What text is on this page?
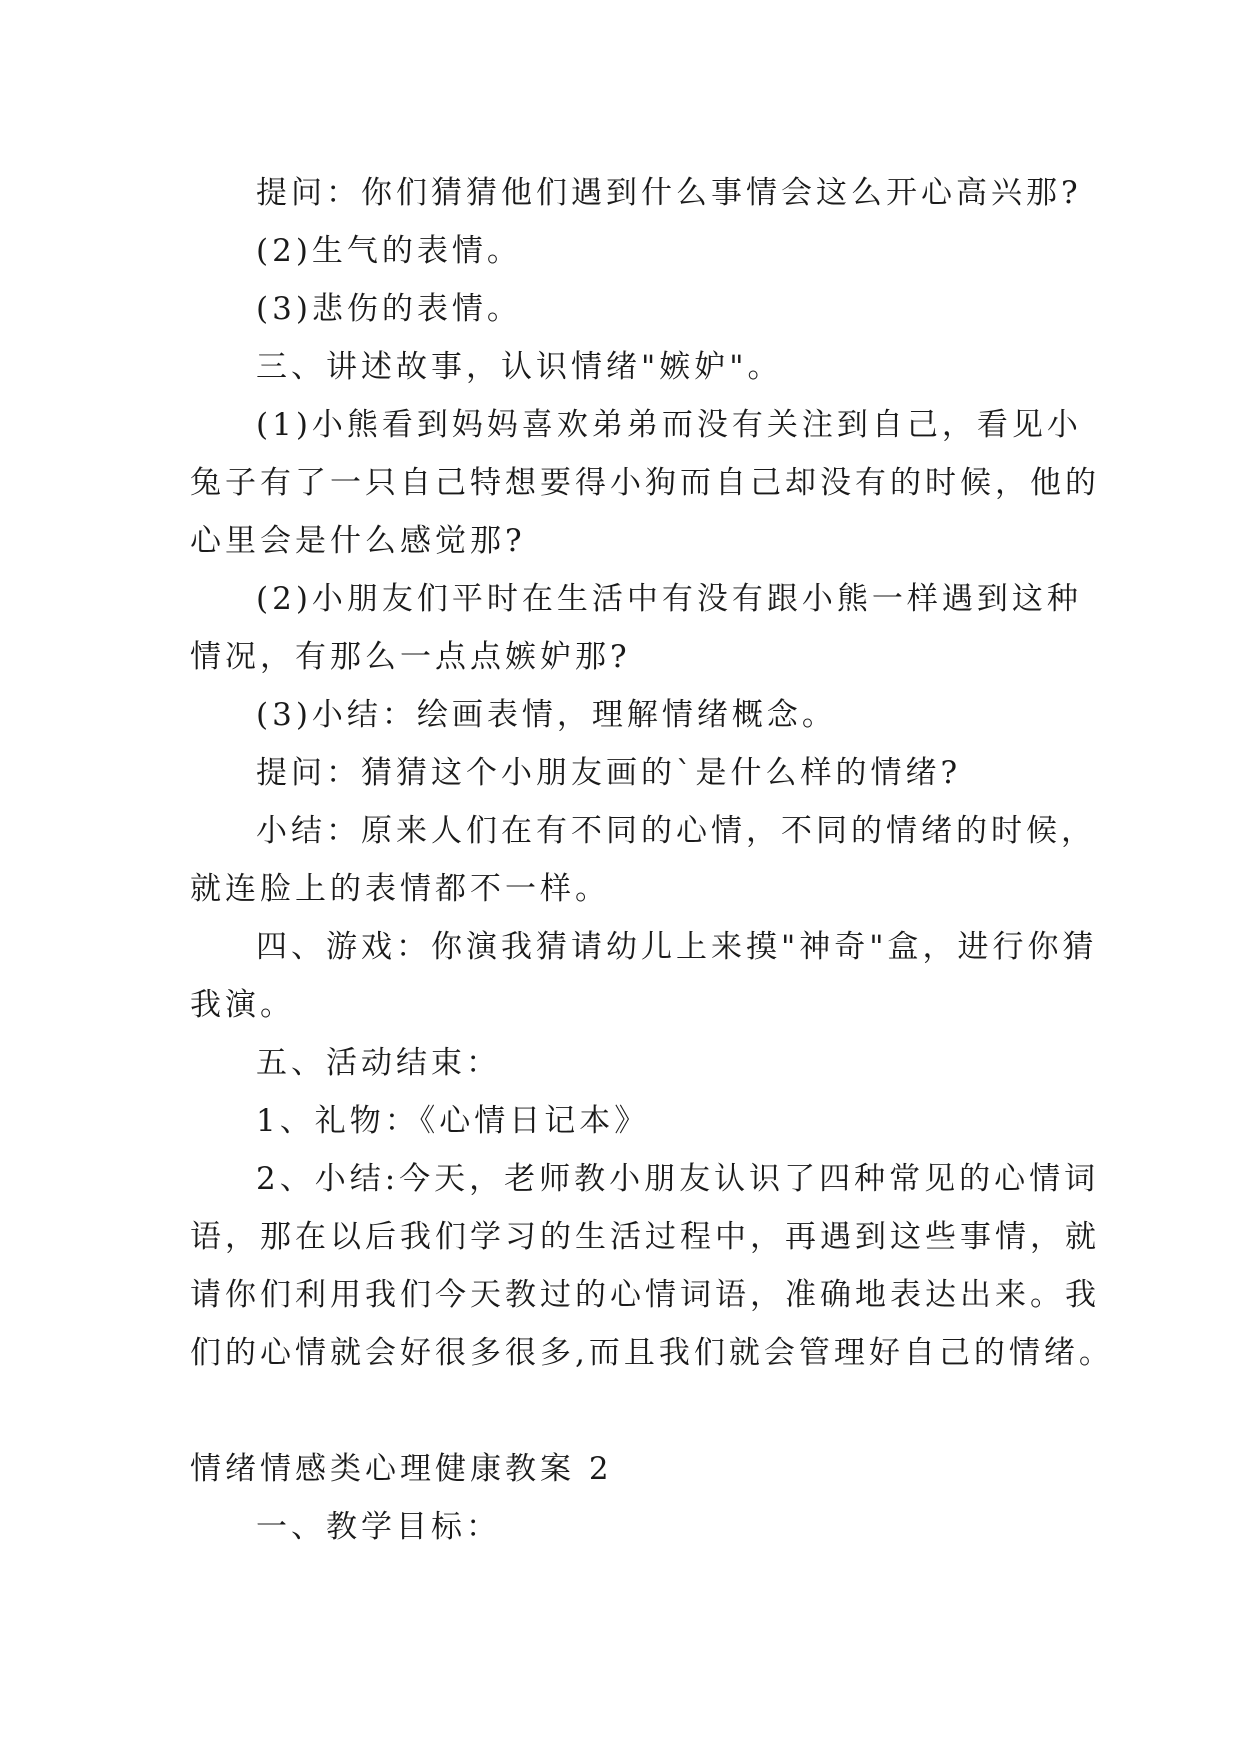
提问：你们猜猜他们遇到什么事情会这么开心高兴那?
(2)生气的表情。
(3)悲伤的表情。
三、讲述故事，认识情绪"嫉妒"。
(1)小熊看到妈妈喜欢弟弟而没有关注到自己，看见小
兔子有了一只自己特想要得小狗而自己却没有的时候，他的
心里会是什么感觉那?
(2)小朋友们平时在生活中有没有跟小熊一样遇到这种
情况，有那么一点点嫉妒那?
(3)小结：绘画表情，理解情绪概念。
提问：猜猜这个小朋友画的`是什么样的情绪?
小结：原来人们在有不同的心情，不同的情绪的时候，
就连脸上的表情都不一样。
四、游戏：你演我猜请幼儿上来摸"神奇"盒，进行你猜
我演。
五、活动结束：
1、礼物：《心情日记本》
2、小结:今天，老师教小朋友认识了四种常见的心情词
语，那在以后我们学习的生活过程中，再遇到这些事情，就
请你们利用我们今天教过的心情词语，准确地表达出来。我
们的心情就会好很多很多,而且我们就会管理好自己的情绪。
情绪情感类心理健康教案 2
一、教学目标：
